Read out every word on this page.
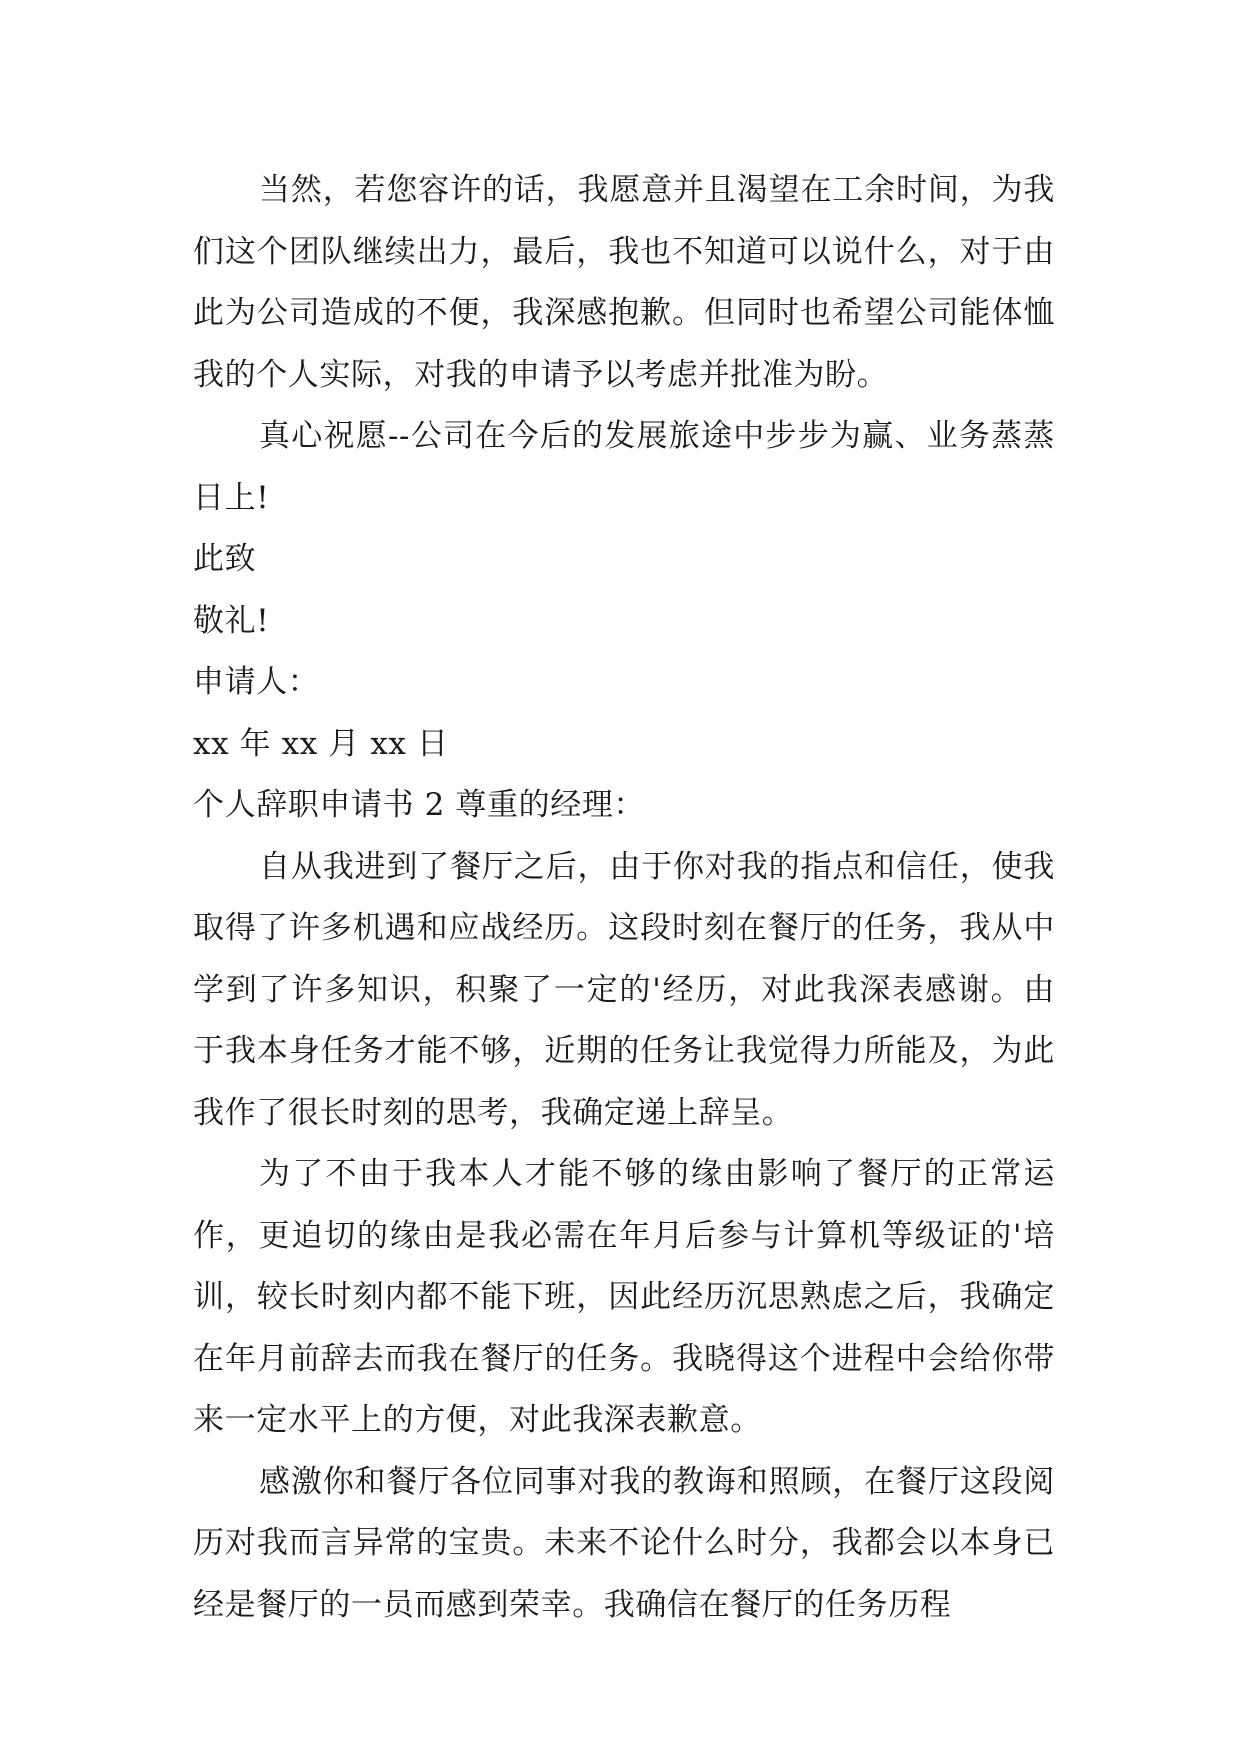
当然，若您容许的话，我愿意并且渴望在工余时间，为我们这个团队继续出力，最后，我也不知道可以说什么，对于由此为公司造成的不便，我深感抱歉。但同时也希望公司能体恤我的个人实际，对我的申请予以考虑并批准为盼。

真心祝愿--公司在今后的发展旅途中步步为赢、业务蒸蒸日上!

此致

敬礼!

申请人：

xx 年 xx 月 xx 日

个人辞职申请书 2 尊重的经理：

自从我进到了餐厅之后，由于你对我的指点和信任，使我取得了许多机遇和应战经历。这段时刻在餐厅的任务，我从中学到了许多知识，积聚了一定的'经历，对此我深表感谢。由于我本身任务才能不够，近期的任务让我觉得力所能及，为此我作了很长时刻的思考，我确定递上辞呈。

为了不由于我本人才能不够的缘由影响了餐厅的正常运作，更迫切的缘由是我必需在年月后参与计算机等级证的'培训，较长时刻内都不能下班，因此经历沉思熟虑之后，我确定在年月前辞去而我在餐厅的任务。我晓得这个进程中会给你带来一定水平上的方便，对此我深表歉意。

感激你和餐厅各位同事对我的教诲和照顾，在餐厅这段阅历对我而言异常的宝贵。未来不论什么时分，我都会以本身已经是餐厅的一员而感到荣幸。我确信在餐厅的任务历程
